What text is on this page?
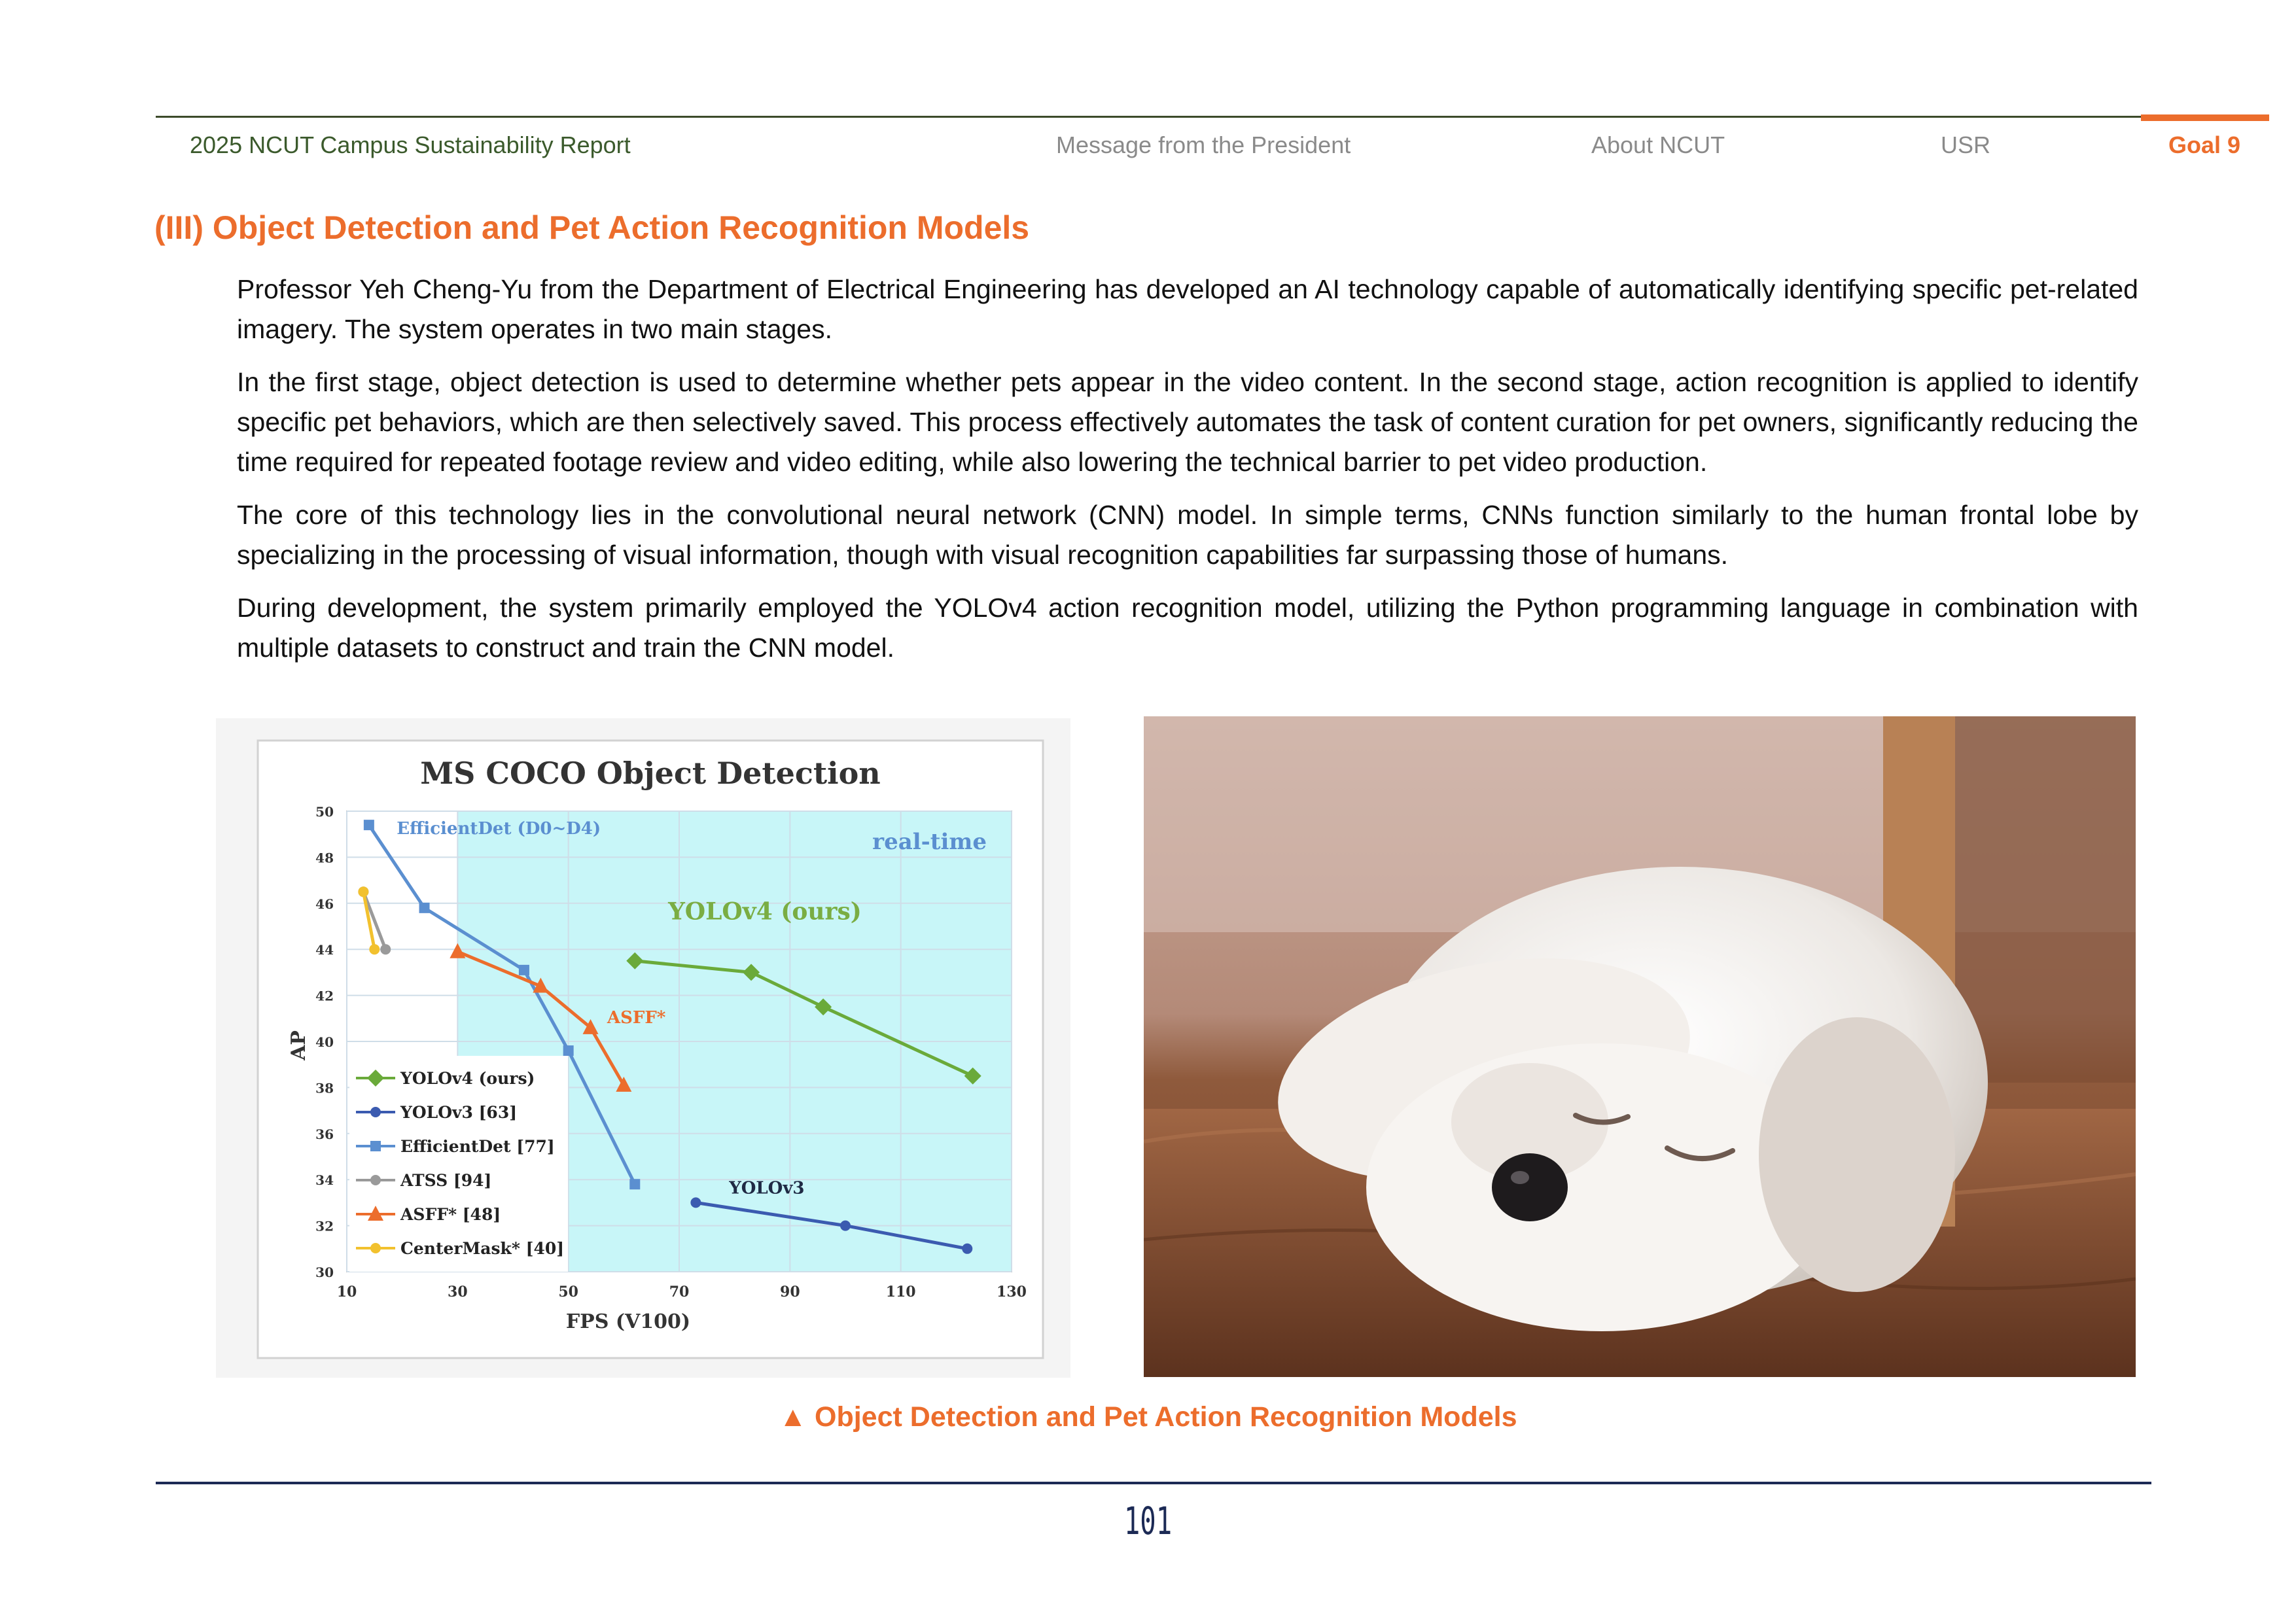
2025 NCUT Campus Sustainability Report	Message from the President	About NCUT	USR	Goal 9
(III) Object Detection and Pet Action Recognition Models

Professor Yeh Cheng-Yu from the Department of Electrical Engineering has developed an AI technology capable of automatically identifying specific pet-related imagery. The system operates in two main stages.

In the first stage, object detection is used to determine whether pets appear in the video content. In the second stage, action recognition is applied to identify specific pet behaviors, which are then selectively saved. This process effectively automates the task of content curation for pet owners, significantly reducing the time required for repeated footage review and video editing, while also lowering the technical barrier to pet video production.

The core of this technology lies in the convolutional neural network (CNN) model. In simple terms, CNNs function similarly to the human frontal lobe by specializing in the processing of visual information, though with visual recognition capabilities far surpassing those of humans.

During development, the system primarily employed the YOLOv4 action recognition model, utilizing the Python programming language in combination with multiple datasets to construct and train the CNN model.

MS COCO Object Detection
real-time
FPS (V100)
AP
10	30	50	70	90	110	130
30
32
34
36
38
40
42
44
46
48
50
EfficientDet (D0~D4)
YOLOv4 (ours)
ASFF*
YOLOv3
YOLOv4 (ours)
YOLOv3 [63]
EfficientDet [77]
ATSS [94]
ASFF* [48]
CenterMask* [40]
▲ Object Detection and Pet Action Recognition Models
101
